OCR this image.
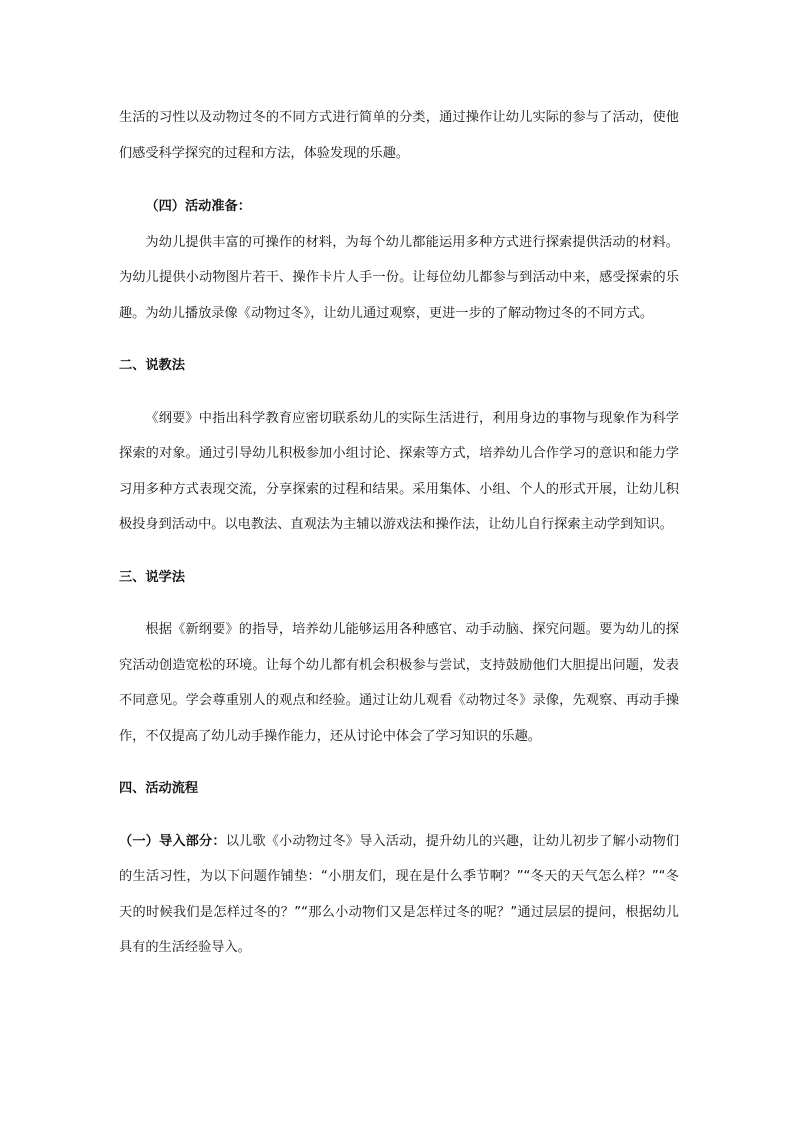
生活的习性以及动物过冬的不同方式进行简单的分类，通过操作让幼儿实际的参与了活动，使他们感受科学探究的过程和方法，体验发现的乐趣。

（四）活动准备：

为幼儿提供丰富的可操作的材料，为每个幼儿都能运用多种方式进行探索提供活动的材料。为幼儿提供小动物图片若干、操作卡片人手一份。让每位幼儿都参与到活动中来，感受探索的乐趣。为幼儿播放录像《动物过冬》，让幼儿通过观察，更进一步的了解动物过冬的不同方式。

二、说教法

《纲要》中指出科学教育应密切联系幼儿的实际生活进行，利用身边的事物与现象作为科学探索的对象。通过引导幼儿积极参加小组讨论、探索等方式，培养幼儿合作学习的意识和能力学习用多种方式表现交流，分享探索的过程和结果。采用集体、小组、个人的形式开展，让幼儿积极投身到活动中。以电教法、直观法为主辅以游戏法和操作法，让幼儿自行探索主动学到知识。

三、说学法

根据《新纲要》的指导，培养幼儿能够运用各种感官、动手动脑、探究问题。要为幼儿的探究活动创造宽松的环境。让每个幼儿都有机会积极参与尝试，支持鼓励他们大胆提出问题，发表不同意见。学会尊重别人的观点和经验。通过让幼儿观看《动物过冬》录像，先观察、再动手操作，不仅提高了幼儿动手操作能力，还从讨论中体会了学习知识的乐趣。

四、活动流程

（一）导入部分：以儿歌《小动物过冬》导入活动，提升幼儿的兴趣，让幼儿初步了解小动物们的生活习性，为以下问题作铺垫：“小朋友们，现在是什么季节啊？”“冬天的天气怎么样？”“冬天的时候我们是怎样过冬的？”“那么小动物们又是怎样过冬的呢？”通过层层的提问，根据幼儿具有的生活经验导入。
